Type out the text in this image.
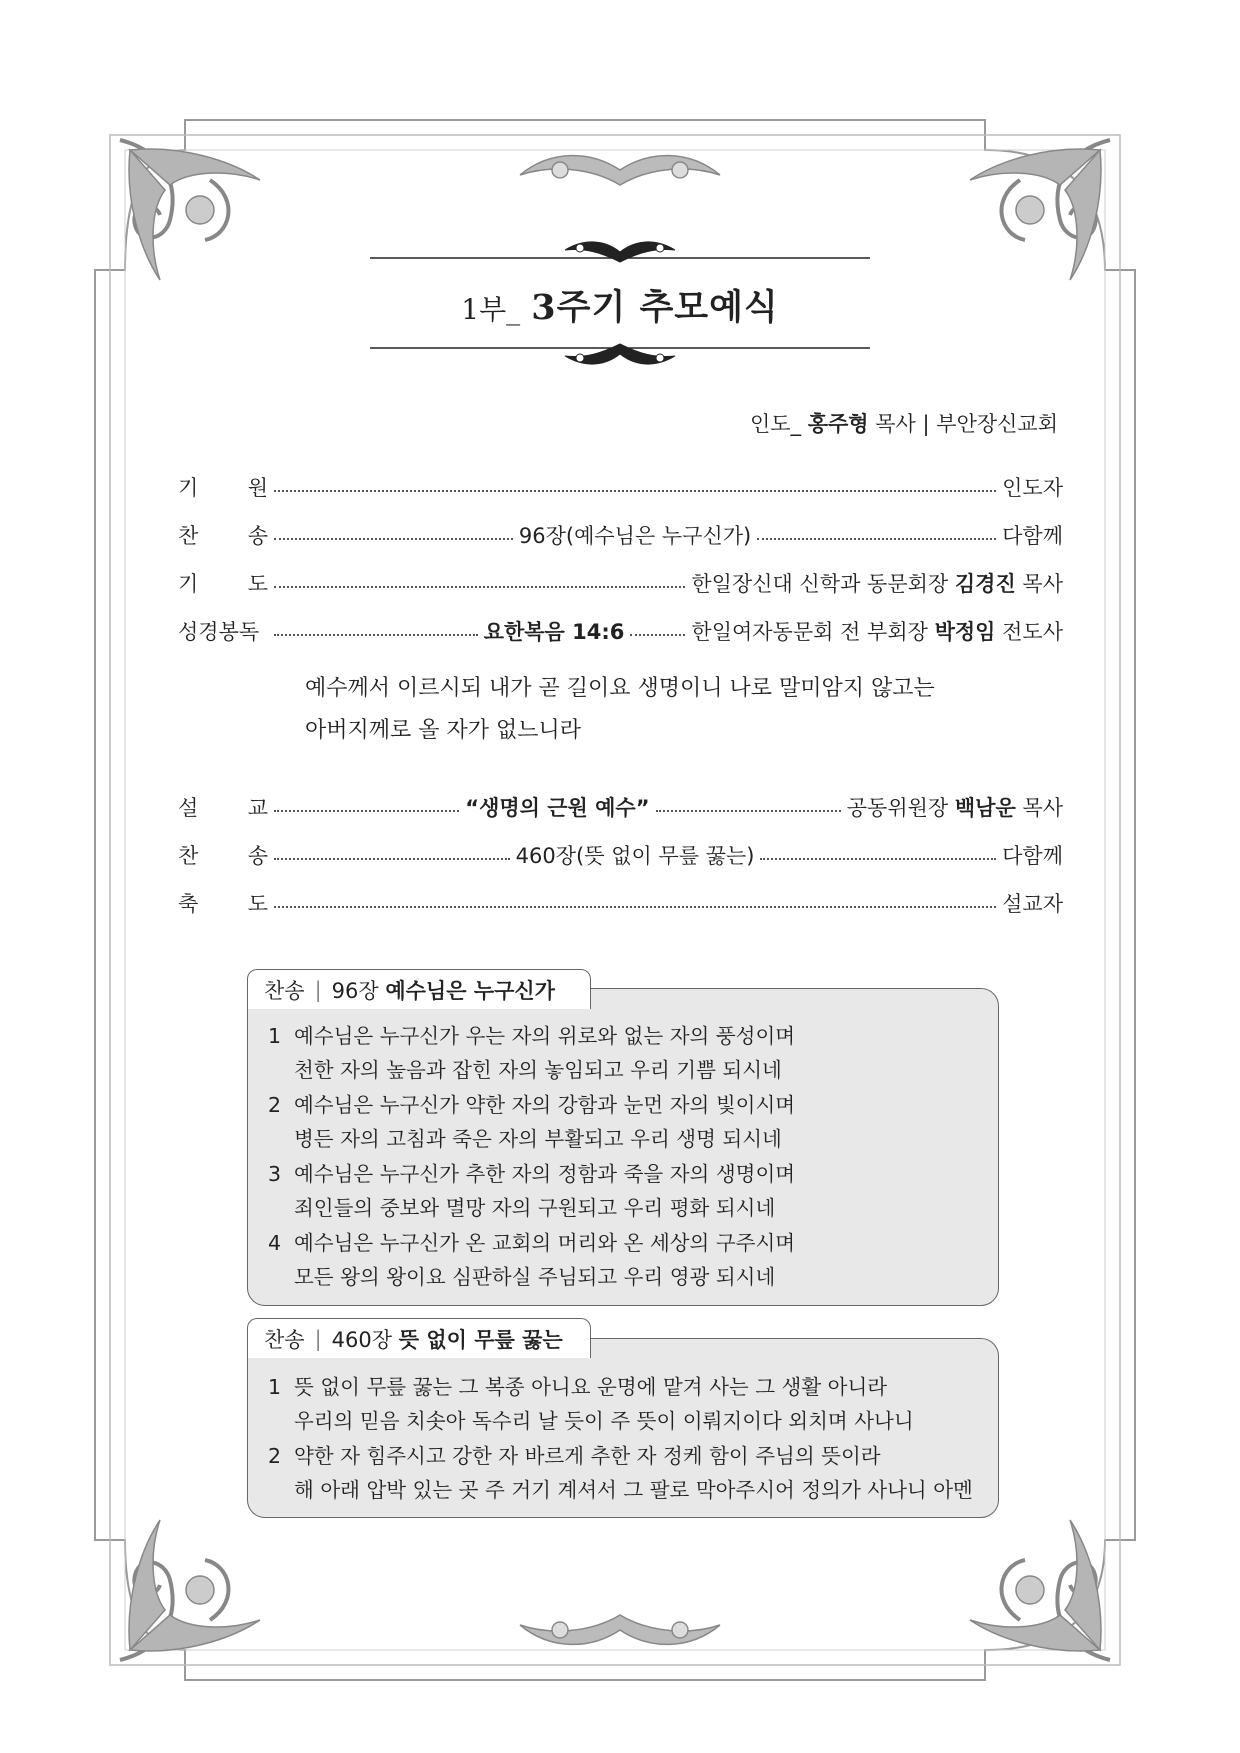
1부_ 3주기 추모예식
인도_ 홍주형 목사 | 부안장신교회
기 원	인도자
찬 송	96장(예수님은 누구신가)	다함께
기 도	한일장신대 신학과 동문회장 김경진 목사
성경봉독	요한복음 14:6	한일여자동문회 전 부회장 박정임 전도사
예수께서 이르시되 내가 곧 길이요 생명이니 나로 말미암지 않고는
아버지께로 올 자가 없느니라
설 교	“생명의 근원 예수”	공동위원장 백남운 목사
찬 송	460장(뜻 없이 무릎 꿇는)	다함께
축 도	설교자
찬송 | 96장
예수님은 누구신가
1 예수님은 누구신가 우는 자의 위로와 없는 자의 풍성이며
천한 자의 높음과 잡힌 자의 놓임되고 우리 기쁨 되시네
2 예수님은 누구신가 약한 자의 강함과 눈먼 자의 빛이시며
병든 자의 고침과 죽은 자의 부활되고 우리 생명 되시네
3 예수님은 누구신가 추한 자의 정함과 죽을 자의 생명이며
죄인들의 중보와 멸망 자의 구원되고 우리 평화 되시네
4 예수님은 누구신가 온 교회의 머리와 온 세상의 구주시며
모든 왕의 왕이요 심판하실 주님되고 우리 영광 되시네
찬송 | 460장
뜻 없이 무릎 꿇는
1 뜻 없이 무릎 꿇는 그 복종 아니요 운명에 맡겨 사는 그 생활 아니라
우리의 믿음 치솟아 독수리 날 듯이 주 뜻이 이뤄지이다 외치며 사나니
2 약한 자 힘주시고 강한 자 바르게 추한 자 정케 함이 주님의 뜻이라
해 아래 압박 있는 곳 주 거기 계셔서 그 팔로 막아주시어 정의가 사나니 아멘
